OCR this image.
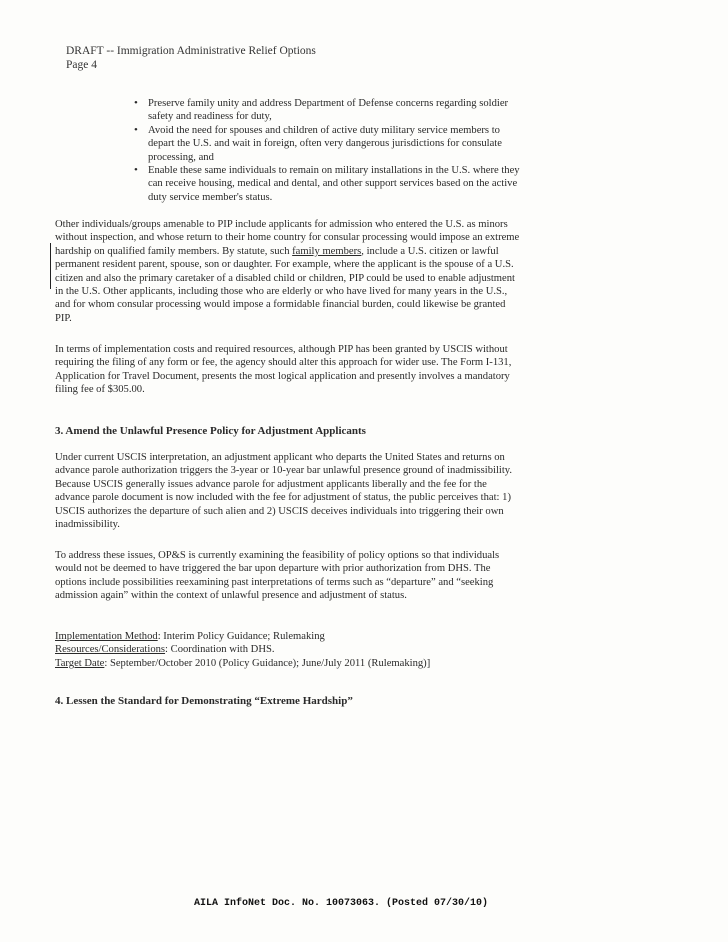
DRAFT -- Immigration Administrative Relief Options
Page 4
• Preserve family unity and address Department of Defense concerns regarding soldier safety and readiness for duty,
• Avoid the need for spouses and children of active duty military service members to depart the U.S. and wait in foreign, often very dangerous jurisdictions for consulate processing, and
• Enable these same individuals to remain on military installations in the U.S. where they can receive housing, medical and dental, and other support services based on the active duty service member's status.

Other individuals/groups amenable to PIP include applicants for admission who entered the U.S. as minors without inspection, and whose return to their home country for consular processing would impose an extreme hardship on qualified family members. By statute, such family members, include a U.S. citizen or lawful permanent resident parent, spouse, son or daughter. For example, where the applicant is the spouse of a U.S. citizen and also the primary caretaker of a disabled child or children, PIP could be used to enable adjustment in the U.S. Other applicants, including those who are elderly or who have lived for many years in the U.S., and for whom consular processing would impose a formidable financial burden, could likewise be granted PIP.

In terms of implementation costs and required resources, although PIP has been granted by USCIS without requiring the filing of any form or fee, the agency should alter this approach for wider use. The Form I-131, Application for Travel Document, presents the most logical application and presently involves a mandatory filing fee of $305.00.

3. Amend the Unlawful Presence Policy for Adjustment Applicants

Under current USCIS interpretation, an adjustment applicant who departs the United States and returns on advance parole authorization triggers the 3-year or 10-year bar unlawful presence ground of inadmissibility. Because USCIS generally issues advance parole for adjustment applicants liberally and the fee for the advance parole document is now included with the fee for adjustment of status, the public perceives that: 1) USCIS authorizes the departure of such alien and 2) USCIS deceives individuals into triggering their own inadmissibility.

To address these issues, OP&S is currently examining the feasibility of policy options so that individuals would not be deemed to have triggered the bar upon departure with prior authorization from DHS. The options include possibilities reexamining past interpretations of terms such as “departure” and “seeking admission again” within the context of unlawful presence and adjustment of status.

Implementation Method: Interim Policy Guidance; Rulemaking
Resources/Considerations: Coordination with DHS.
Target Date: September/October 2010 (Policy Guidance); June/July 2011 (Rulemaking)]
4. Lessen the Standard for Demonstrating “Extreme Hardship”
AILA InfoNet Doc. No. 10073063. (Posted 07/30/10)
